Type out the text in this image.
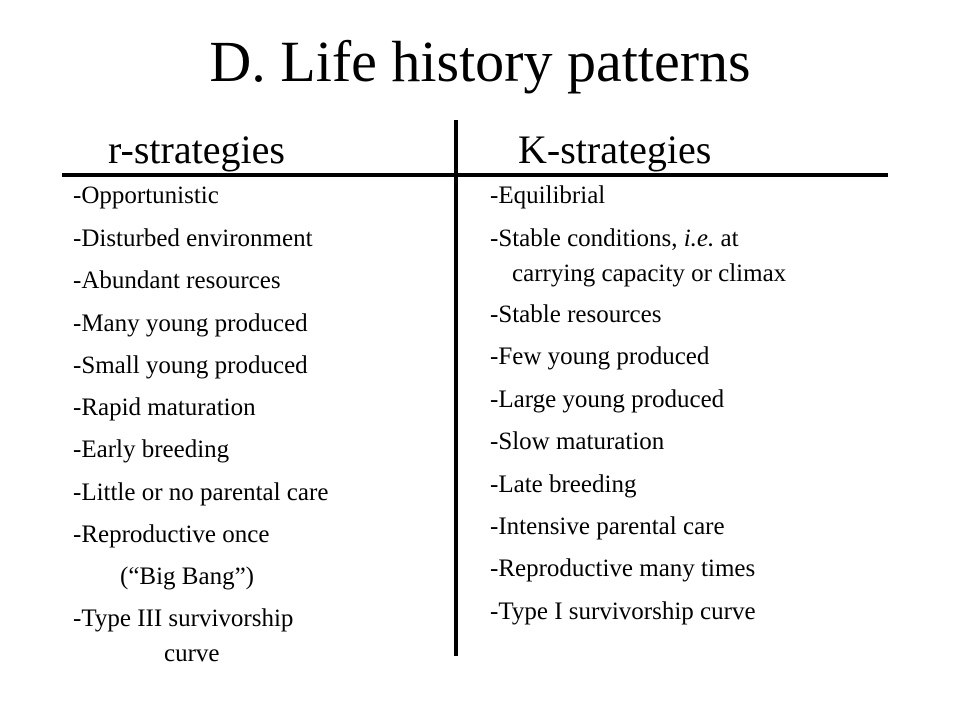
D. Life history patterns
r-strategies	K-strategies
-Opportunistic
-Disturbed environment
-Abundant resources
-Many young produced
-Small young produced
-Rapid maturation
-Early breeding
-Little or no parental care
-Reproductive once
(“Big Bang”)
-Type III survivorship
curve
-Equilibrial
-Stable conditions, i.e. at
carrying capacity or climax
-Stable resources
-Few young produced
-Large young produced
-Slow maturation
-Late breeding
-Intensive parental care
-Reproductive many times
-Type I survivorship curve
